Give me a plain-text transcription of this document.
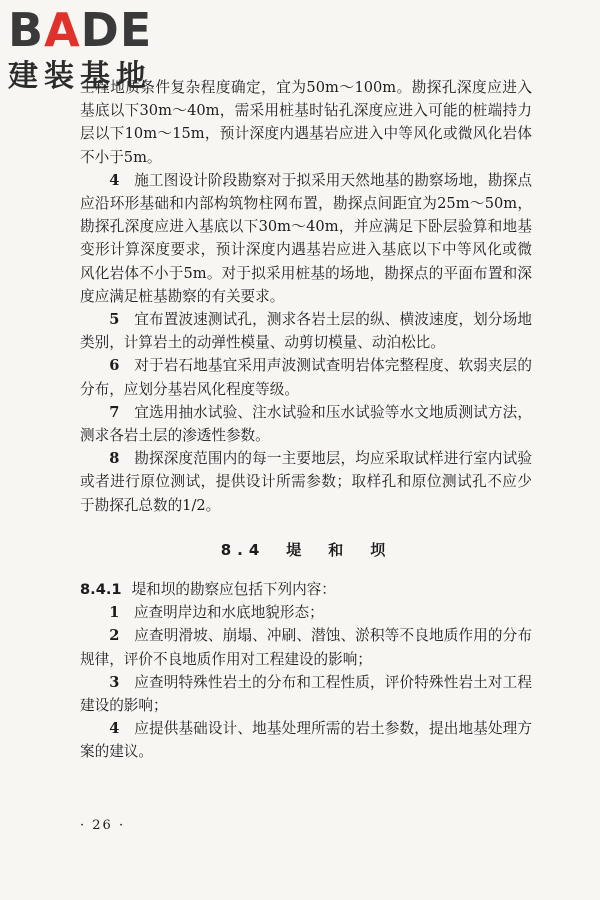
BADE
建装基地

工程地质条件复杂程度确定，宜为50m～100m。勘探孔深度应进入基底以下30m～40m，需采用桩基时钻孔深度应进入可能的桩端持力层以下10m～15m，预计深度内遇基岩应进入中等风化或微风化岩体不小于5m。

4　 施工图设计阶段勘察对于拟采用天然地基的勘察场地，勘探点应沿环形基础和内部构筑物柱网布置，勘探点间距宜为25m～50m，勘探孔深度应进入基底以下30m～40m，并应满足下卧层验算和地基变形计算深度要求，预计深度内遇基岩应进入基底以下中等风化或微风化岩体不小于5m。对于拟采用桩基的场地，勘探点的平面布置和深度应满足桩基勘察的有关要求。

5　 宜布置波速测试孔，测求各岩土层的纵、横波速度，划分场地类别，计算岩土的动弹性模量、动剪切模量、动泊松比。

6　 对于岩石地基宜采用声波测试查明岩体完整程度、软弱夹层的分布，应划分基岩风化程度等级。

7　 宜选用抽水试验、注水试验和压水试验等水文地质测试方法，测求各岩土层的渗透性参数。

8　 勘探深度范围内的每一主要地层，均应采取试样进行室内试验或者进行原位测试，提供设计所需参数；取样孔和原位测试孔不应少于勘探孔总数的1/2。

8.4　堤　和　坝

8.4.1 堤和坝的勘察应包括下列内容：

1　 应查明岸边和水底地貌形态；

2　 应查明滑坡、崩塌、冲刷、潜蚀、淤积等不良地质作用的分布规律，评价不良地质作用对工程建设的影响；

3　 应查明特殊性岩土的分布和工程性质，评价特殊性岩土对工程建设的影响；

4　 应提供基础设计、地基处理所需的岩土参数，提出地基处理方案的建议。

· 26 ·
